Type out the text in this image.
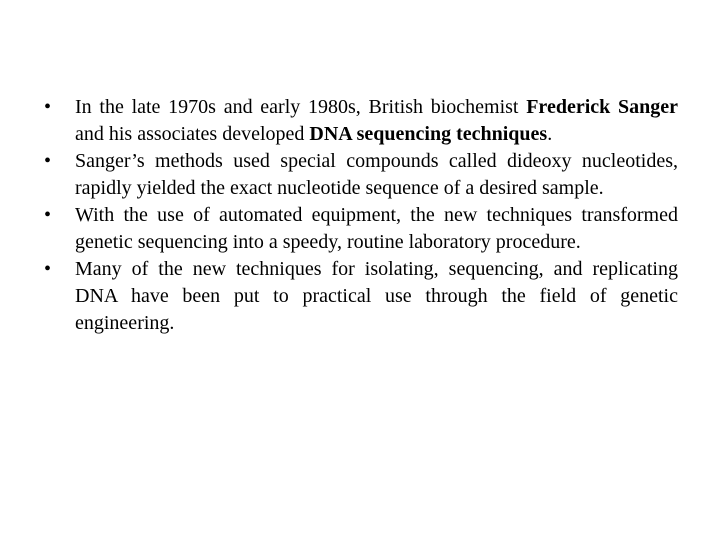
•	In the late 1970s and early 1980s, British biochemist Frederick Sanger and his associates developed DNA sequencing techniques.
•	Sanger’s methods used special compounds called dideoxy nucleotides, rapidly yielded the exact nucleotide sequence of a desired sample.
•	With the use of automated equipment, the new techniques transformed genetic sequencing into a speedy, routine laboratory procedure.
•	Many of the new techniques for isolating, sequencing, and replicating DNA have been put to practical use through the field of genetic engineering.
